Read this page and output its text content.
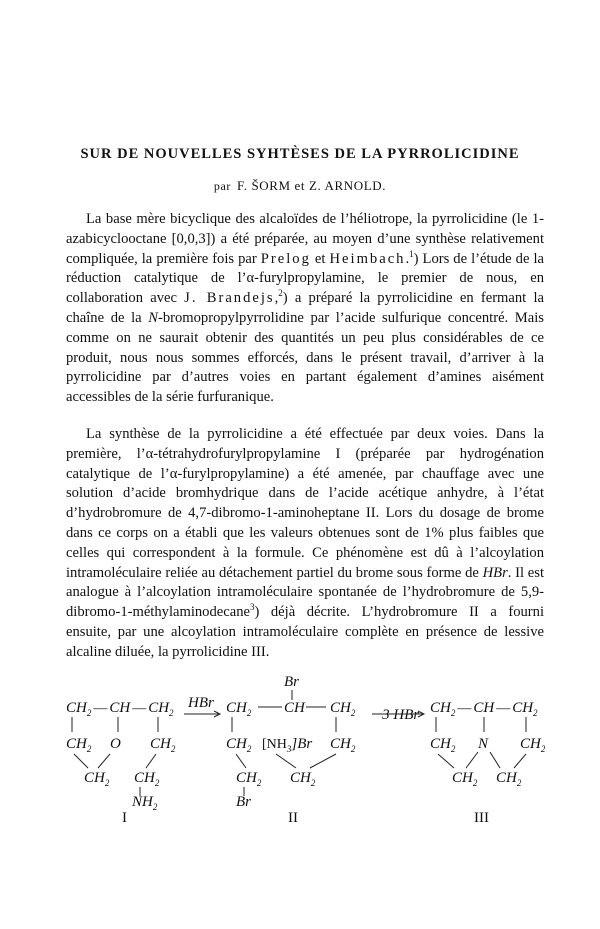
SUR DE NOUVELLES SYHTÈSES DE LA PYRROLICIDINE
par F. ŠORM et Z. ARNOLD.
La base mère bicyclique des alcaloïdes de l’héliotrope, la pyrrolicidine (le 1-azabicyclooctane [0,0,3]) a été préparée, au moyen d’une synthèse relativement compliquée, la première fois par Prelog et Heimbach.$^1$) Lors de l’étude de la réduction catalytique de l’α-furylpropylamine, le premier de nous, en collaboration avec J. Brandejs,$^2$) a préparé la pyrrolicidine en fermant la chaîne de la N-bromopropylpyrrolidine par l’acide sulfurique concentré. Mais comme on ne saurait obtenir des quantités un peu plus considérables de ce produit, nous nous sommes efforcés, dans le présent travail, d’arriver à la pyrrolicidine par d’autres voies en partant également d’amines aisément accessibles de la série furfuranique.
La synthèse de la pyrrolicidine a été effectuée par deux voies. Dans la première, l’α-tétrahydrofurylpropylamine I (préparée par hydrogénation catalytique de l’α-furylpropylamine) a été amenée, par chauffage avec une solution d’acide bromhydrique dans de l’acide acétique anhydre, à l’état d’hydrobromure de 4,7-dibromo-1-aminoheptane II. Lors du dosage de brome dans ce corps on a établi que les valeurs obtenues sont de 1% plus faibles que celles qui correspondent à la formule. Ce phénomène est dû à l’alcoylation intramoléculaire reliée au détachement partiel du brome sous forme de HBr. Il est analogue à l’alcoylation intramoléculaire spontanée de l’hydrobromure de 5,9-dibromo-1-méthylaminodecane$^3$) déjà décrite. L’hydrobromure II a fourni ensuite, par une alcoylation intramoléculaire complète en présence de lessive alcaline diluée, la pyrrolicidine III.
$CH_2$ — CH — $CH_2$
$CH_2$ O $CH_2$
$CH_2$ $CH_2$
$NH_2$
HBr
Br
$CH_2$ CH $CH_2$
$CH_2$ $[NH_3]Br$ $CH_2$
$CH_2$ $CH_2$
Br
−3 HBr $CH_2$ — CH — $CH_2$
$CH_2$ N $CH_2$
$CH_2$ $CH_2$
I	II	III
